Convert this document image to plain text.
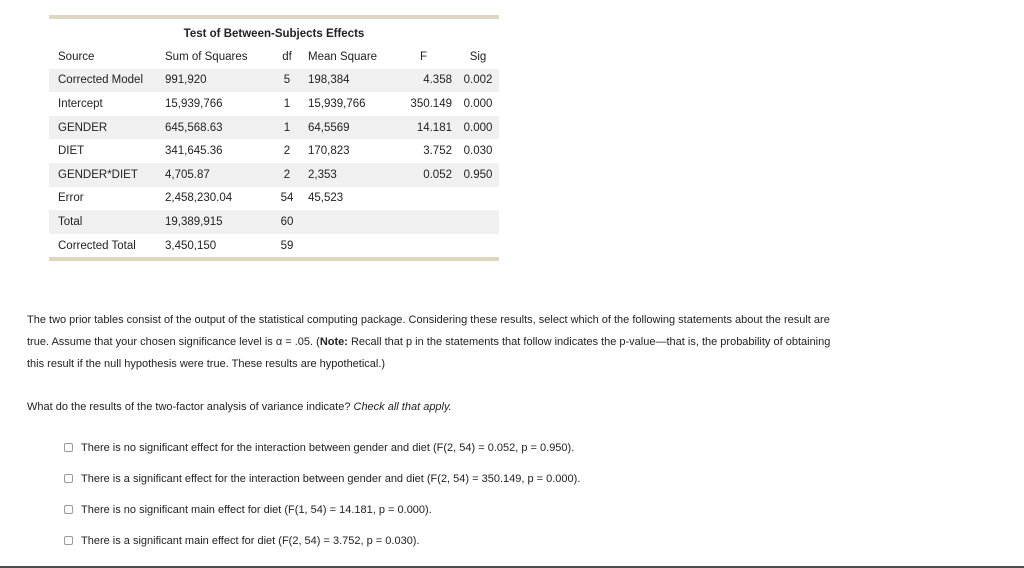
Test of Between-Subjects Effects
Source	Sum of Squares	df	Mean Square	F	Sig
Corrected Model	991,920	5	198,384	4.358	0.002
Intercept	15,939,766	1	15,939,766	350.149	0.000
GENDER	645,568.63	1	64,5569	14.181	0.000
DIET	341,645.36	2	170,823	3.752	0.030
GENDER*DIET	4,705.87	2	2,353	0.052	0.950
Error	2,458,230.04	54	45,523		
Total	19,389,915	60			
Corrected Total	3,450,150	59			
The two prior tables consist of the output of the statistical computing package. Considering these results, select which of the following statements about the result are true. Assume that your chosen significance level is α = .05. (Note: Recall that p in the statements that follow indicates the p-value—that is, the probability of obtaining this result if the null hypothesis were true. These results are hypothetical.)
What do the results of the two-factor analysis of variance indicate? Check all that apply.
There is no significant effect for the interaction between gender and diet (F(2, 54) = 0.052, p = 0.950).
There is a significant effect for the interaction between gender and diet (F(2, 54) = 350.149, p = 0.000).
There is no significant main effect for diet (F(1, 54) = 14.181, p = 0.000).
There is a significant main effect for diet (F(2, 54) = 3.752, p = 0.030).
